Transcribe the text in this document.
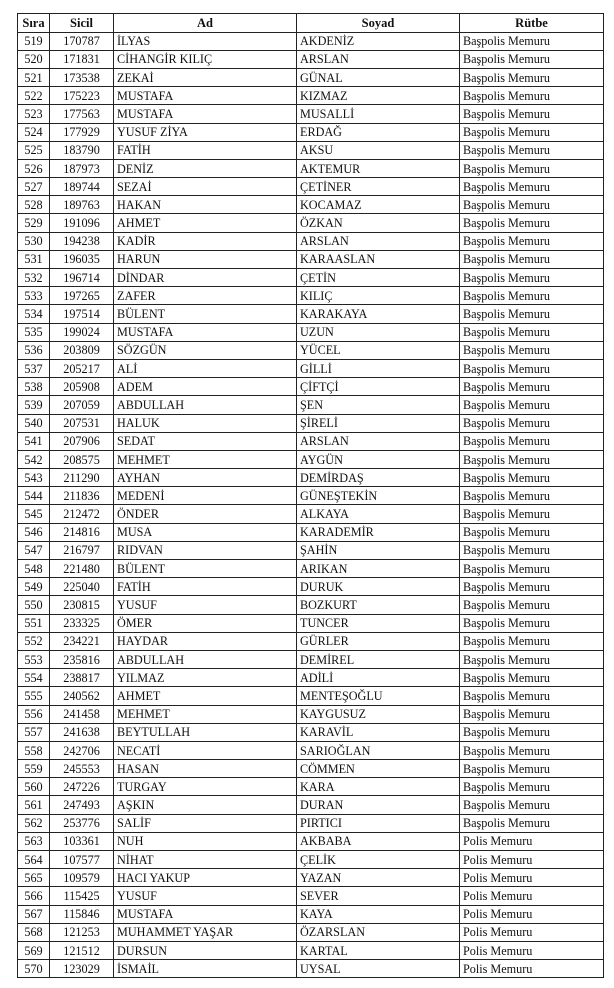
Sıra	Sicil	Ad	Soyad	Rütbe
519	170787	İLYAS	AKDENİZ	Başpolis Memuru
520	171831	CİHANGİR KILIÇ	ARSLAN	Başpolis Memuru
521	173538	ZEKAİ	GÜNAL	Başpolis Memuru
522	175223	MUSTAFA	KIZMAZ	Başpolis Memuru
523	177563	MUSTAFA	MUSALLİ	Başpolis Memuru
524	177929	YUSUF ZİYA	ERDAĞ	Başpolis Memuru
525	183790	FATİH	AKSU	Başpolis Memuru
526	187973	DENİZ	AKTEMUR	Başpolis Memuru
527	189744	SEZAİ	ÇETİNER	Başpolis Memuru
528	189763	HAKAN	KOCAMAZ	Başpolis Memuru
529	191096	AHMET	ÖZKAN	Başpolis Memuru
530	194238	KADİR	ARSLAN	Başpolis Memuru
531	196035	HARUN	KARAASLAN	Başpolis Memuru
532	196714	DİNDAR	ÇETİN	Başpolis Memuru
533	197265	ZAFER	KILIÇ	Başpolis Memuru
534	197514	BÜLENT	KARAKAYA	Başpolis Memuru
535	199024	MUSTAFA	UZUN	Başpolis Memuru
536	203809	SÖZGÜN	YÜCEL	Başpolis Memuru
537	205217	ALİ	GİLLİ	Başpolis Memuru
538	205908	ADEM	ÇİFTÇİ	Başpolis Memuru
539	207059	ABDULLAH	ŞEN	Başpolis Memuru
540	207531	HALUK	ŞİRELİ	Başpolis Memuru
541	207906	SEDAT	ARSLAN	Başpolis Memuru
542	208575	MEHMET	AYGÜN	Başpolis Memuru
543	211290	AYHAN	DEMİRDAŞ	Başpolis Memuru
544	211836	MEDENİ	GÜNEŞTEKİN	Başpolis Memuru
545	212472	ÖNDER	ALKAYA	Başpolis Memuru
546	214816	MUSA	KARADEMİR	Başpolis Memuru
547	216797	RIDVAN	ŞAHİN	Başpolis Memuru
548	221480	BÜLENT	ARIKAN	Başpolis Memuru
549	225040	FATİH	DURUK	Başpolis Memuru
550	230815	YUSUF	BOZKURT	Başpolis Memuru
551	233325	ÖMER	TUNCER	Başpolis Memuru
552	234221	HAYDAR	GÜRLER	Başpolis Memuru
553	235816	ABDULLAH	DEMİREL	Başpolis Memuru
554	238817	YILMAZ	ADİLİ	Başpolis Memuru
555	240562	AHMET	MENTEŞOĞLU	Başpolis Memuru
556	241458	MEHMET	KAYGUSUZ	Başpolis Memuru
557	241638	BEYTULLAH	KARAVİL	Başpolis Memuru
558	242706	NECATİ	SARIOĞLAN	Başpolis Memuru
559	245553	HASAN	CÖMMEN	Başpolis Memuru
560	247226	TURGAY	KARA	Başpolis Memuru
561	247493	AŞKIN	DURAN	Başpolis Memuru
562	253776	SALİF	PIRTICI	Başpolis Memuru
563	103361	NUH	AKBABA	Polis Memuru
564	107577	NİHAT	ÇELİK	Polis Memuru
565	109579	HACI YAKUP	YAZAN	Polis Memuru
566	115425	YUSUF	SEVER	Polis Memuru
567	115846	MUSTAFA	KAYA	Polis Memuru
568	121253	MUHAMMET YAŞAR	ÖZARSLAN	Polis Memuru
569	121512	DURSUN	KARTAL	Polis Memuru
570	123029	İSMAİL	UYSAL	Polis Memuru
